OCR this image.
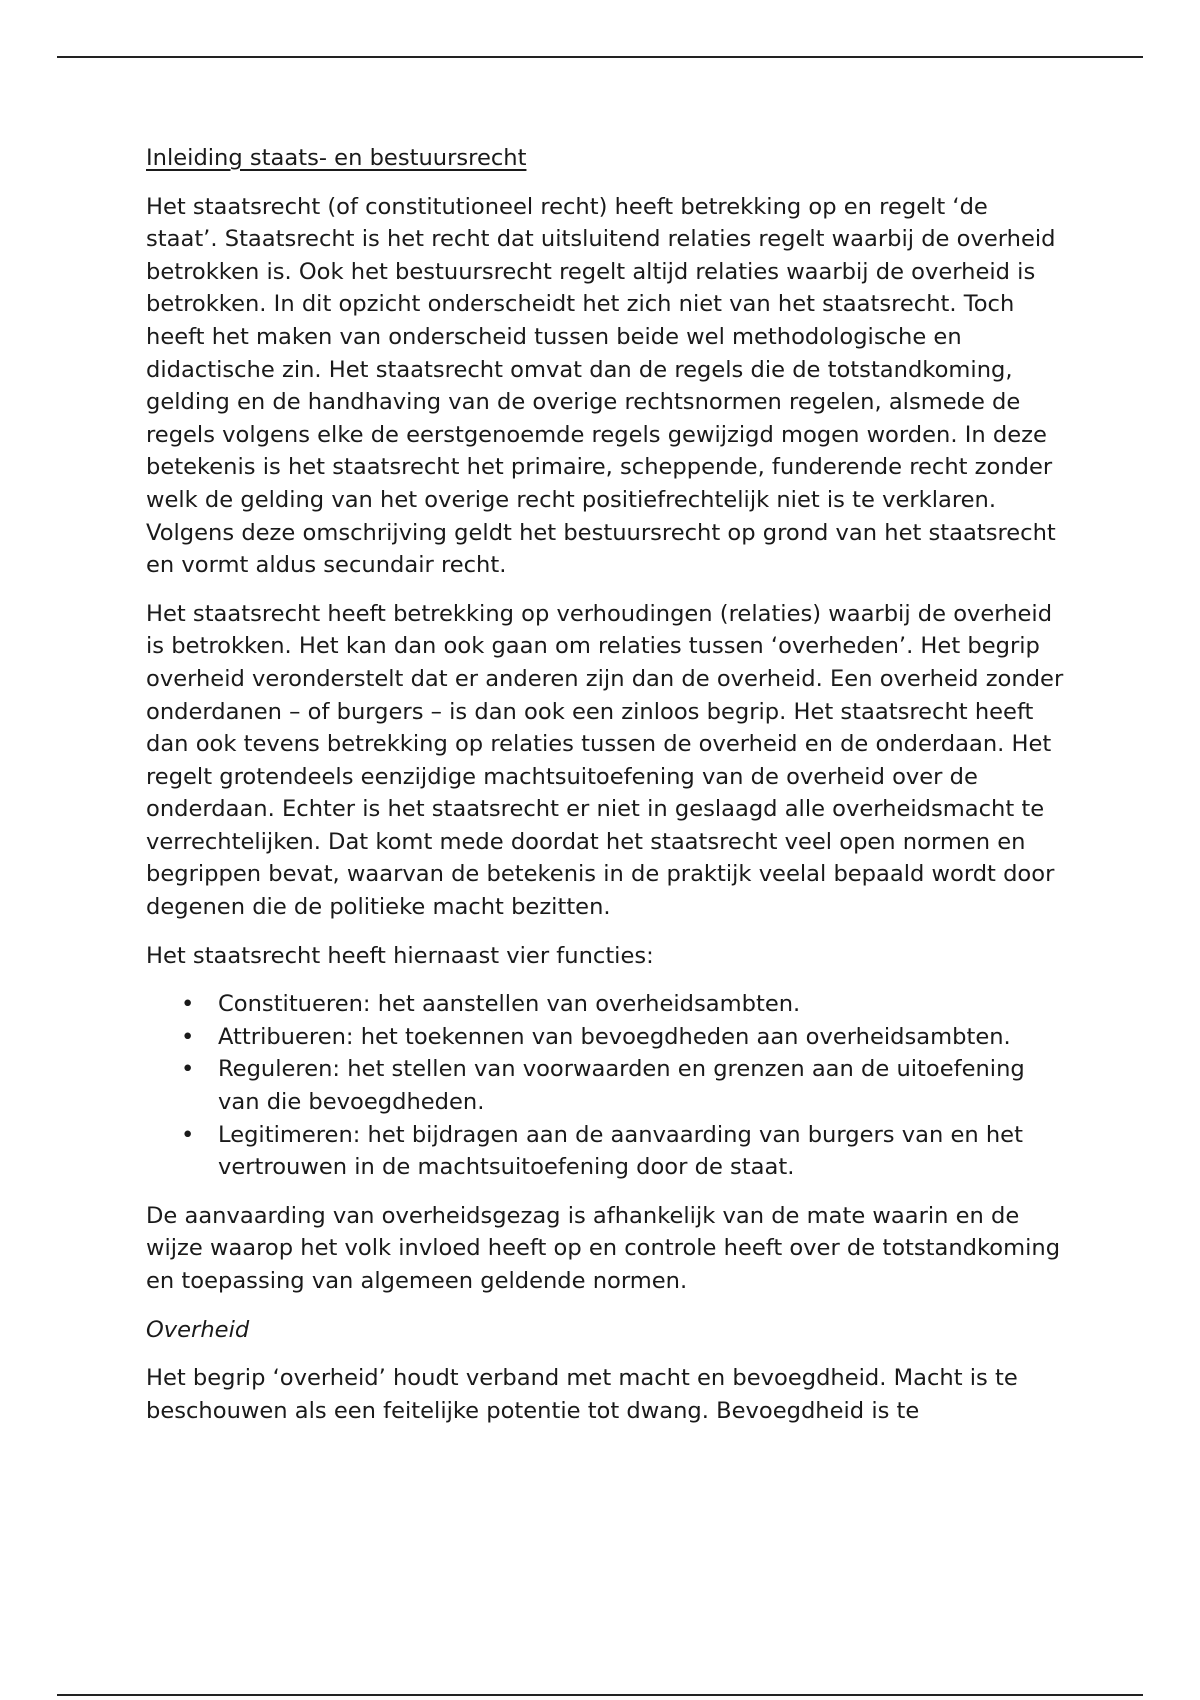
Inleiding staats- en bestuursrecht

Het staatsrecht (of constitutioneel recht) heeft betrekking op en regelt ‘de staat’. Staatsrecht is het recht dat uitsluitend relaties regelt waarbij de overheid betrokken is. Ook het bestuursrecht regelt altijd relaties waarbij de overheid is betrokken. In dit opzicht onderscheidt het zich niet van het staatsrecht. Toch heeft het maken van onderscheid tussen beide wel methodologische en didactische zin. Het staatsrecht omvat dan de regels die de totstandkoming, gelding en de handhaving van de overige rechtsnormen regelen, alsmede de regels volgens elke de eerstgenoemde regels gewijzigd mogen worden. In deze betekenis is het staatsrecht het primaire, scheppende, funderende recht zonder welk de gelding van het overige recht positiefrechtelijk niet is te verklaren. Volgens deze omschrijving geldt het bestuursrecht op grond van het staatsrecht en vormt aldus secundair recht.

Het staatsrecht heeft betrekking op verhoudingen (relaties) waarbij de overheid is betrokken. Het kan dan ook gaan om relaties tussen ‘overheden’. Het begrip overheid veronderstelt dat er anderen zijn dan de overheid. Een overheid zonder onderdanen – of burgers – is dan ook een zinloos begrip. Het staatsrecht heeft dan ook tevens betrekking op relaties tussen de overheid en de onderdaan. Het regelt grotendeels eenzijdige machtsuitoefening van de overheid over de onderdaan. Echter is het staatsrecht er niet in geslaagd alle overheidsmacht te verrechtelijken. Dat komt mede doordat het staatsrecht veel open normen en begrippen bevat, waarvan de betekenis in de praktijk veelal bepaald wordt door degenen die de politieke macht bezitten.

Het staatsrecht heeft hiernaast vier functies:

• Constitueren: het aanstellen van overheidsambten.
• Attribueren: het toekennen van bevoegdheden aan overheidsambten.
• Reguleren: het stellen van voorwaarden en grenzen aan de uitoefening van die bevoegdheden.
• Legitimeren: het bijdragen aan de aanvaarding van burgers van en het vertrouwen in de machtsuitoefening door de staat.

De aanvaarding van overheidsgezag is afhankelijk van de mate waarin en de wijze waarop het volk invloed heeft op en controle heeft over de totstandkoming en toepassing van algemeen geldende normen.

Overheid

Het begrip ‘overheid’ houdt verband met macht en bevoegdheid. Macht is te beschouwen als een feitelijke potentie tot dwang. Bevoegdheid is te
